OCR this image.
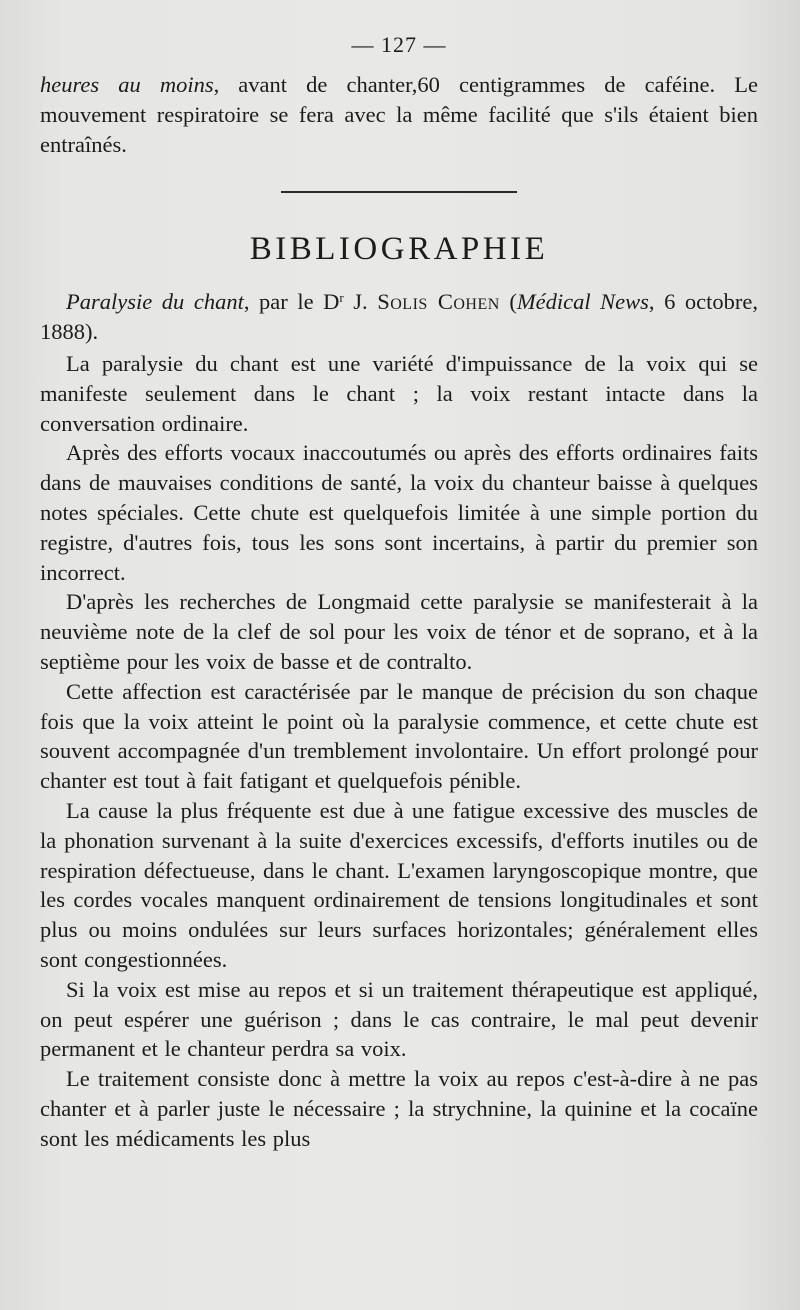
— 127 —

heures au moins, avant de chanter,60 centigrammes de caféine. Le mouvement respiratoire se fera avec la même facilité que s'ils étaient bien entraînés.

BIBLIOGRAPHIE

Paralysie du chant, par le $D^r$ J. Solis Cohen (Médical News, 6 octobre, 1888).

La paralysie du chant est une variété d'impuissance de la voix qui se manifeste seulement dans le chant ; la voix restant intacte dans la conversation ordinaire.

Après des efforts vocaux inaccoutumés ou après des efforts ordinaires faits dans de mauvaises conditions de santé, la voix du chanteur baisse à quelques notes spéciales. Cette chute est quelquefois limitée à une simple portion du registre, d'autres fois, tous les sons sont incertains, à partir du premier son incorrect.

D'après les recherches de Longmaid cette paralysie se manifesterait à la neuvième note de la clef de sol pour les voix de ténor et de soprano, et à la septième pour les voix de basse et de contralto.

Cette affection est caractérisée par le manque de précision du son chaque fois que la voix atteint le point où la paralysie commence, et cette chute est souvent accompagnée d'un tremblement involontaire. Un effort prolongé pour chanter est tout à fait fatigant et quelquefois pénible.

La cause la plus fréquente est due à une fatigue excessive des muscles de la phonation survenant à la suite d'exercices excessifs, d'efforts inutiles ou de respiration défectueuse, dans le chant. L'examen laryngoscopique montre, que les cordes vocales manquent ordinairement de tensions longitudinales et sont plus ou moins ondulées sur leurs surfaces horizontales; généralement elles sont congestionnées.

Si la voix est mise au repos et si un traitement thérapeutique est appliqué, on peut espérer une guérison ; dans le cas contraire, le mal peut devenir permanent et le chanteur perdra sa voix.

Le traitement consiste donc à mettre la voix au repos c'est-à-dire à ne pas chanter et à parler juste le nécessaire ; la strychnine, la quinine et la cocaïne sont les médicaments les plus
